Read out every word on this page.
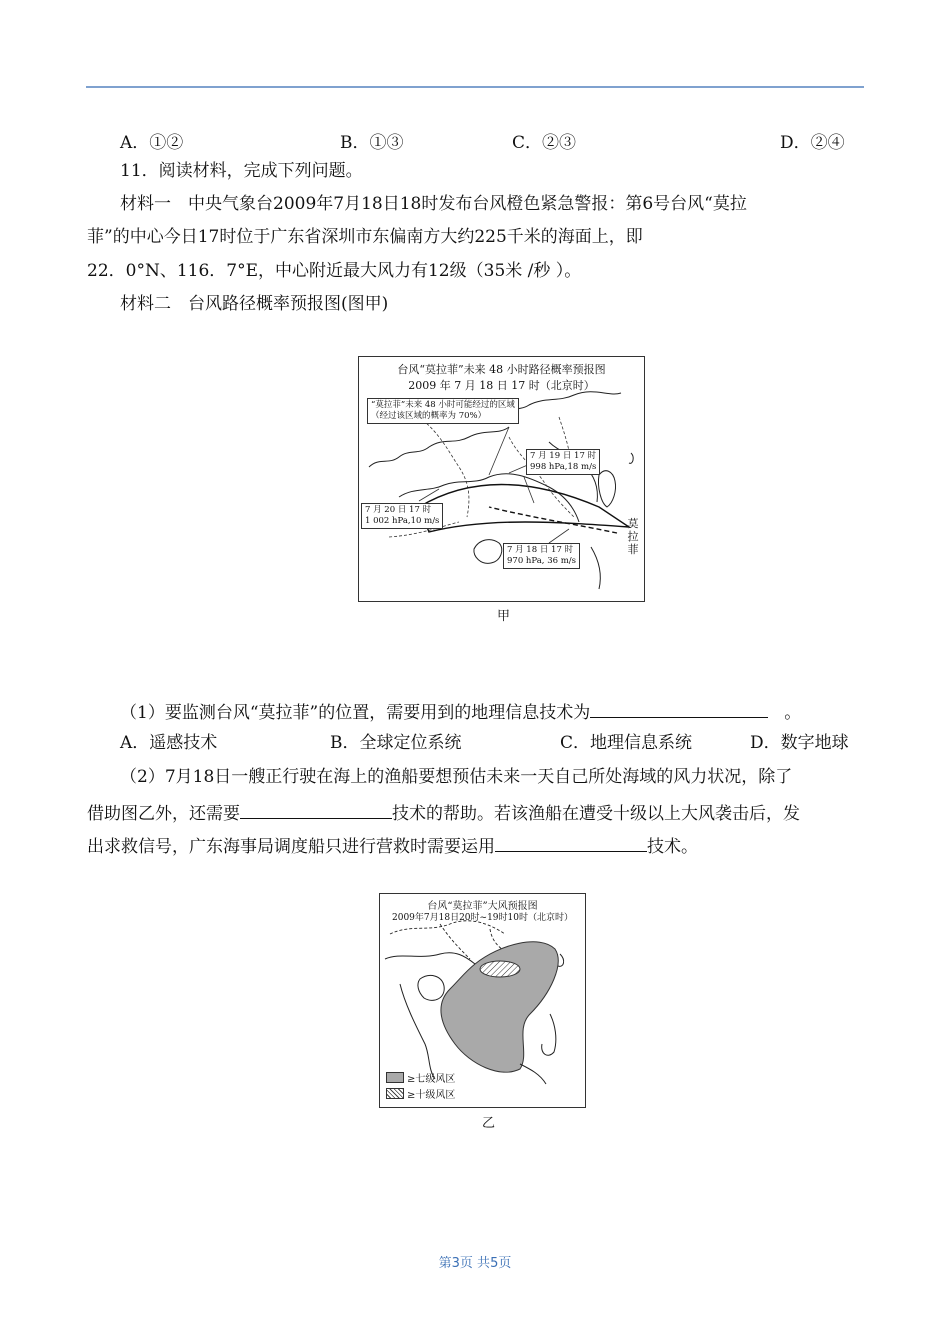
A．①②	B．①③	C．②③	D．②④
11．阅读材料，完成下列问题。
材料一　中央气象台2009年7月18日18时发布台风橙色紧急警报：第6号台风“莫拉
菲”的中心今日17时位于广东省深圳市东偏南方大约225千米的海面上，即
22．0°N、116．7°E，中心附近最大风力有12级（35米 /秒 ）。
材料二　台风路径概率预报图(图甲)
台风“莫拉菲”未来 48 小时路径概率预报图
2009 年 7 月 18 日 17 时（北京时）
“莫拉菲”未来 48 小时可能经过的区域
（经过该区域的概率为 70%）
7 月 19 日 17 时
998 hPa,18 m/s
7 月 20 日 17 时
1 002 hPa,10 m/s
7 月 18 日 17 时
970 hPa, 36 m/s
莫拉菲
甲
（1）要监测台风“莫拉菲”的位置，需要用到的地理信息技术为	。
A．遥感技术	B．全球定位系统	C．地理信息系统	D．数字地球
（2）7月18日一艘正行驶在海上的渔船要想预估未来一天自己所处海域的风力状况，除了
借助图乙外，还需要	技术的帮助。若该渔船在遭受十级以上大风袭击后，发
出求救信号，广东海事局调度船只进行营救时需要运用	技术。
台风“莫拉菲”大风预报图
2009年7月18日20时~19时10时（北京时）
≥七级风区
≥十级风区
乙
第3页 共5页
